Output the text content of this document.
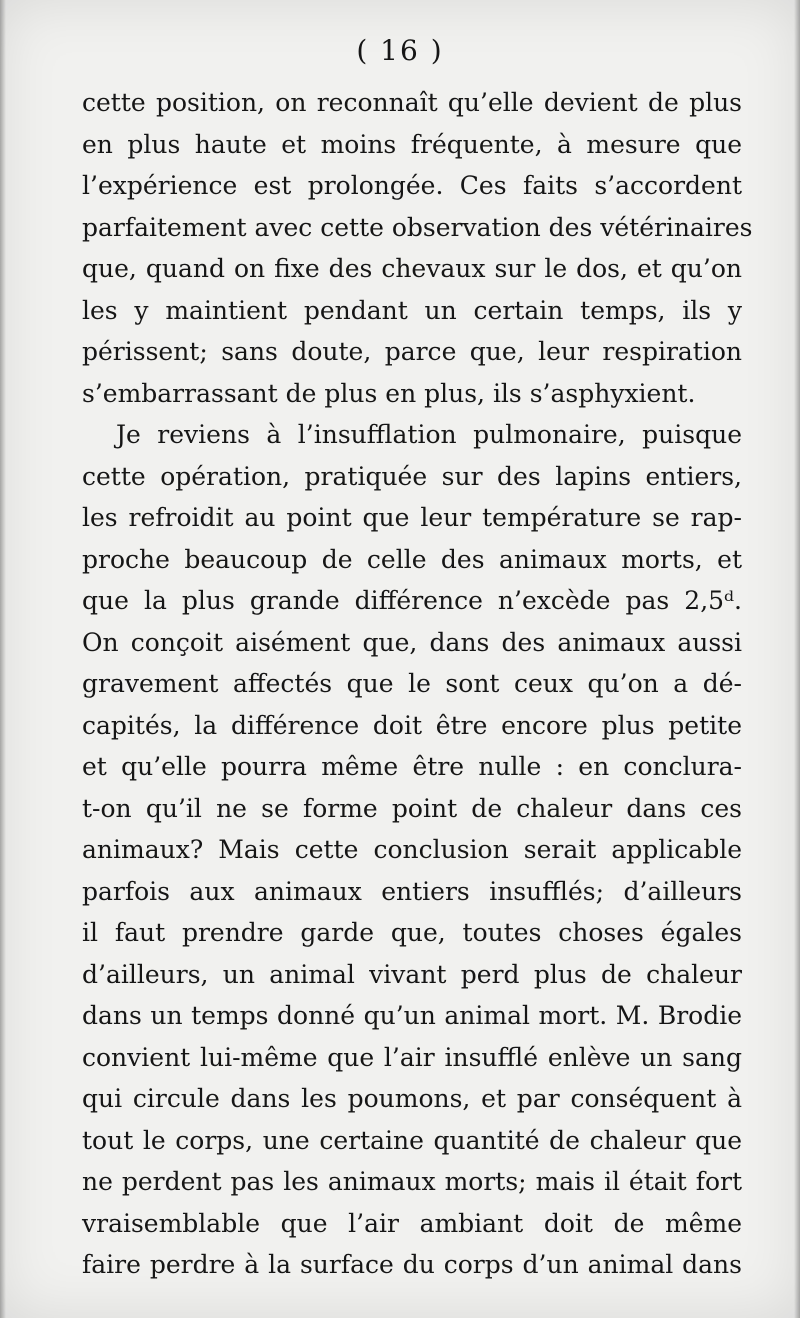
( 16 )
cette position, on reconnaît qu’elle devient de plus
en plus haute et moins fréquente, à mesure que
l’expérience est prolongée. Ces faits s’accordent
parfaitement avec cette observation des vétérinaires
que, quand on fixe des chevaux sur le dos, et qu’on
les y maintient pendant un certain temps, ils y
périssent; sans doute, parce que, leur respiration
s’embarrassant de plus en plus, ils s’asphyxient.
Je reviens à l’insufflation pulmonaire, puisque
cette opération, pratiquée sur des lapins entiers,
les refroidit au point que leur température se rap-
proche beaucoup de celle des animaux morts, et
que la plus grande différence n’excède pas 2,5ᵈ.
On conçoit aisément que, dans des animaux aussi
gravement affectés que le sont ceux qu’on a dé-
capités, la différence doit être encore plus petite
et qu’elle pourra même être nulle : en conclura-
t-on qu’il ne se forme point de chaleur dans ces
animaux? Mais cette conclusion serait applicable
parfois aux animaux entiers insufflés; d’ailleurs
il faut prendre garde que, toutes choses égales
d’ailleurs, un animal vivant perd plus de chaleur
dans un temps donné qu’un animal mort. M. Brodie
convient lui-même que l’air insufflé enlève un sang
qui circule dans les poumons, et par conséquent à
tout le corps, une certaine quantité de chaleur que
ne perdent pas les animaux morts; mais il était fort
vraisemblable que l’air ambiant doit de même
faire perdre à la surface du corps d’un animal dans
